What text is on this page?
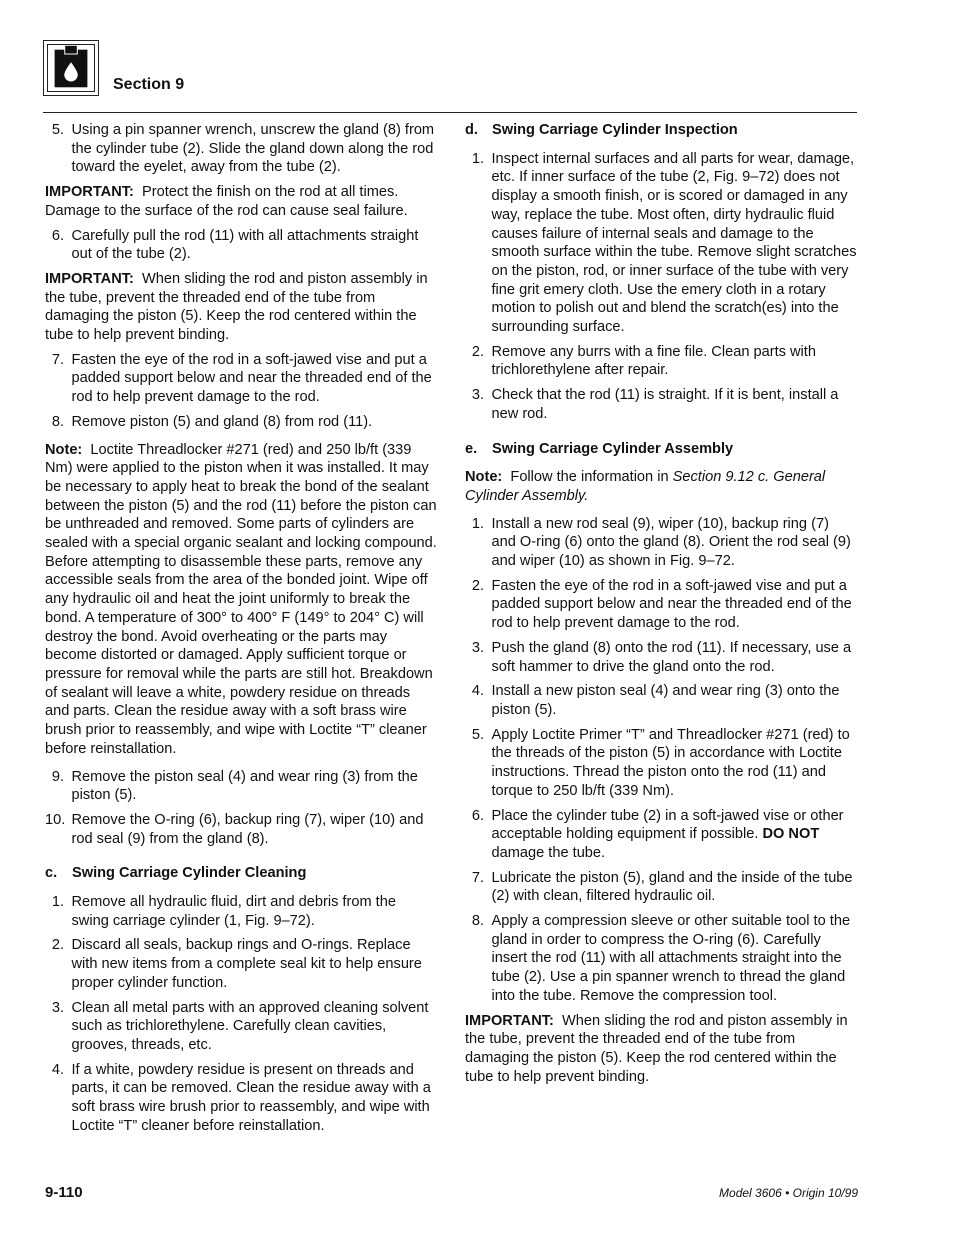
Section 9
5. Using a pin spanner wrench, unscrew the gland (8) from the cylinder tube (2). Slide the gland down along the rod toward the eyelet, away from the tube (2).
IMPORTANT: Protect the finish on the rod at all times. Damage to the surface of the rod can cause seal failure.
6. Carefully pull the rod (11) with all attachments straight out of the tube (2).
IMPORTANT: When sliding the rod and piston assembly in the tube, prevent the threaded end of the tube from damaging the piston (5). Keep the rod centered within the tube to help prevent binding.
7. Fasten the eye of the rod in a soft-jawed vise and put a padded support below and near the threaded end of the rod to help prevent damage to the rod.
8. Remove piston (5) and gland (8) from rod (11).
Note: Loctite Threadlocker #271 (red) and 250 lb/ft (339 Nm) were applied to the piston when it was installed. It may be necessary to apply heat to break the bond of the sealant between the piston (5) and the rod (11) before the piston can be unthreaded and removed. Some parts of cylinders are sealed with a special organic sealant and locking compound. Before attempting to disassemble these parts, remove any accessible seals from the area of the bonded joint. Wipe off any hydraulic oil and heat the joint uniformly to break the bond. A temperature of 300° to 400° F (149° to 204° C) will destroy the bond. Avoid overheating or the parts may become distorted or damaged. Apply sufficient torque or pressure for removal while the parts are still hot. Breakdown of sealant will leave a white, powdery residue on threads and parts. Clean the residue away with a soft brass wire brush prior to reassembly, and wipe with Loctite “T” cleaner before reinstallation.
9. Remove the piston seal (4) and wear ring (3) from the piston (5).
10. Remove the O-ring (6), backup ring (7), wiper (10) and rod seal (9) from the gland (8).
c. Swing Carriage Cylinder Cleaning
1. Remove all hydraulic fluid, dirt and debris from the swing carriage cylinder (1, Fig. 9–72).
2. Discard all seals, backup rings and O-rings. Replace with new items from a complete seal kit to help ensure proper cylinder function.
3. Clean all metal parts with an approved cleaning solvent such as trichlorethylene. Carefully clean cavities, grooves, threads, etc.
4. If a white, powdery residue is present on threads and parts, it can be removed. Clean the residue away with a soft brass wire brush prior to reassembly, and wipe with Loctite “T” cleaner before reinstallation.
d. Swing Carriage Cylinder Inspection
1. Inspect internal surfaces and all parts for wear, damage, etc. If inner surface of the tube (2, Fig. 9–72) does not display a smooth finish, or is scored or damaged in any way, replace the tube. Most often, dirty hydraulic fluid causes failure of internal seals and damage to the smooth surface within the tube. Remove slight scratches on the piston, rod, or inner surface of the tube with very fine grit emery cloth. Use the emery cloth in a rotary motion to polish out and blend the scratch(es) into the surrounding surface.
2. Remove any burrs with a fine file. Clean parts with trichlorethylene after repair.
3. Check that the rod (11) is straight. If it is bent, install a new rod.
e. Swing Carriage Cylinder Assembly
Note: Follow the information in Section 9.12 c. General Cylinder Assembly.
1. Install a new rod seal (9), wiper (10), backup ring (7) and O-ring (6) onto the gland (8). Orient the rod seal (9) and wiper (10) as shown in Fig. 9–72.
2. Fasten the eye of the rod in a soft-jawed vise and put a padded support below and near the threaded end of the rod to help prevent damage to the rod.
3. Push the gland (8) onto the rod (11). If necessary, use a soft hammer to drive the gland onto the rod.
4. Install a new piston seal (4) and wear ring (3) onto the piston (5).
5. Apply Loctite Primer “T” and Threadlocker #271 (red) to the threads of the piston (5) in accordance with Loctite instructions. Thread the piston onto the rod (11) and torque to 250 lb/ft (339 Nm).
6. Place the cylinder tube (2) in a soft-jawed vise or other acceptable holding equipment if possible. DO NOT damage the tube.
7. Lubricate the piston (5), gland and the inside of the tube (2) with clean, filtered hydraulic oil.
8. Apply a compression sleeve or other suitable tool to the gland in order to compress the O-ring (6). Carefully insert the rod (11) with all attachments straight into the tube (2). Use a pin spanner wrench to thread the gland into the tube. Remove the compression tool.
IMPORTANT: When sliding the rod and piston assembly in the tube, prevent the threaded end of the tube from damaging the piston (5). Keep the rod centered within the tube to help prevent binding.
9-110	Model 3606 • Origin 10/99
